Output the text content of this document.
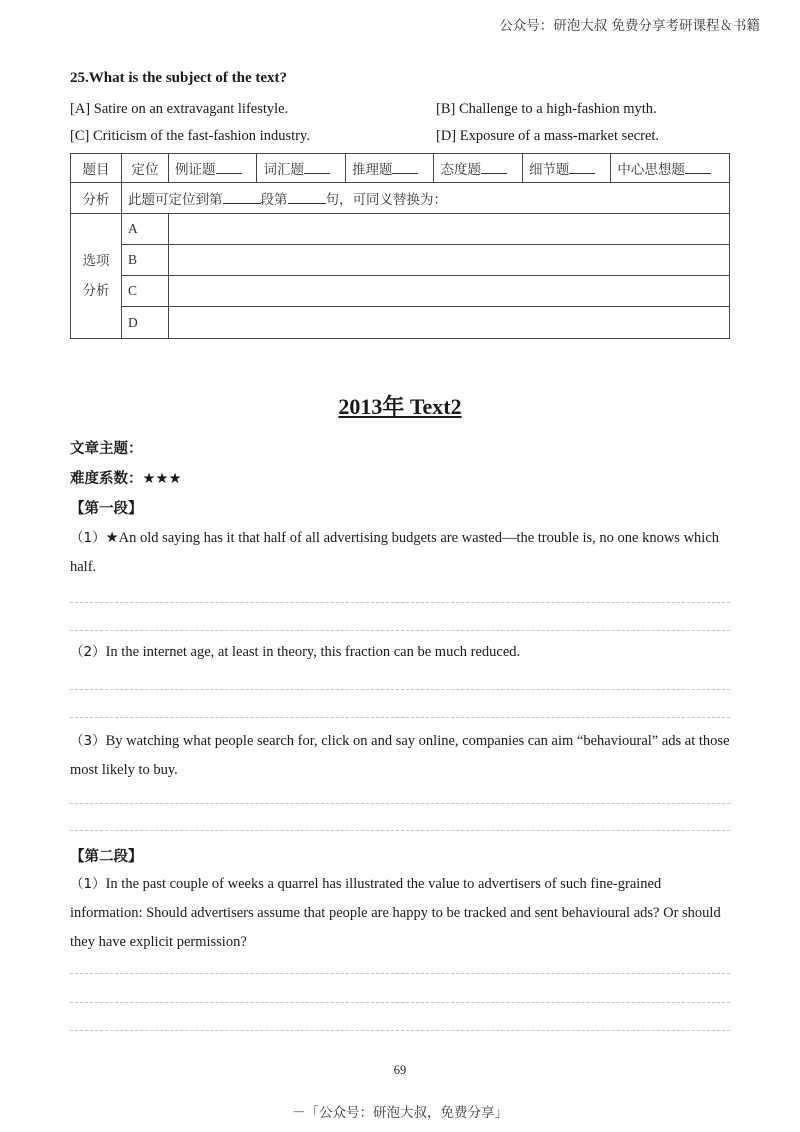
公众号：研泡大叔 免费分享考研课程＆书籍
25.What is the subject of the text?
[A] Satire on an extravagant lifestyle.	[B] Challenge to a high-fashion myth.
[C] Criticism of the fast-fashion industry.	[D] Exposure of a mass-market secret.
题目	定位	例证题	词汇题	推理题	态度题	细节题	中心思想题
分析	此题可定位到第 段第 句，可同义替换为：						
选项
分析	A						
	B						
	C						
	D						
2013年 Text2
文章主题：
难度系数：★★★
【第一段】
（1）★An old saying has it that half of all advertising budgets are wasted—the trouble is, no one knows which half.
（2）In the internet age, at least in theory, this fraction can be much reduced.
（3）By watching what people search for, click on and say online, companies can aim “behavioural” ads at those most likely to buy.
【第二段】
（1）In the past couple of weeks a quarrel has illustrated the value to advertisers of such fine-grained information: Should advertisers assume that people are happy to be tracked and sent behavioural ads? Or should they have explicit permission?
69
－「公众号：研泡大叔，免费分享」
